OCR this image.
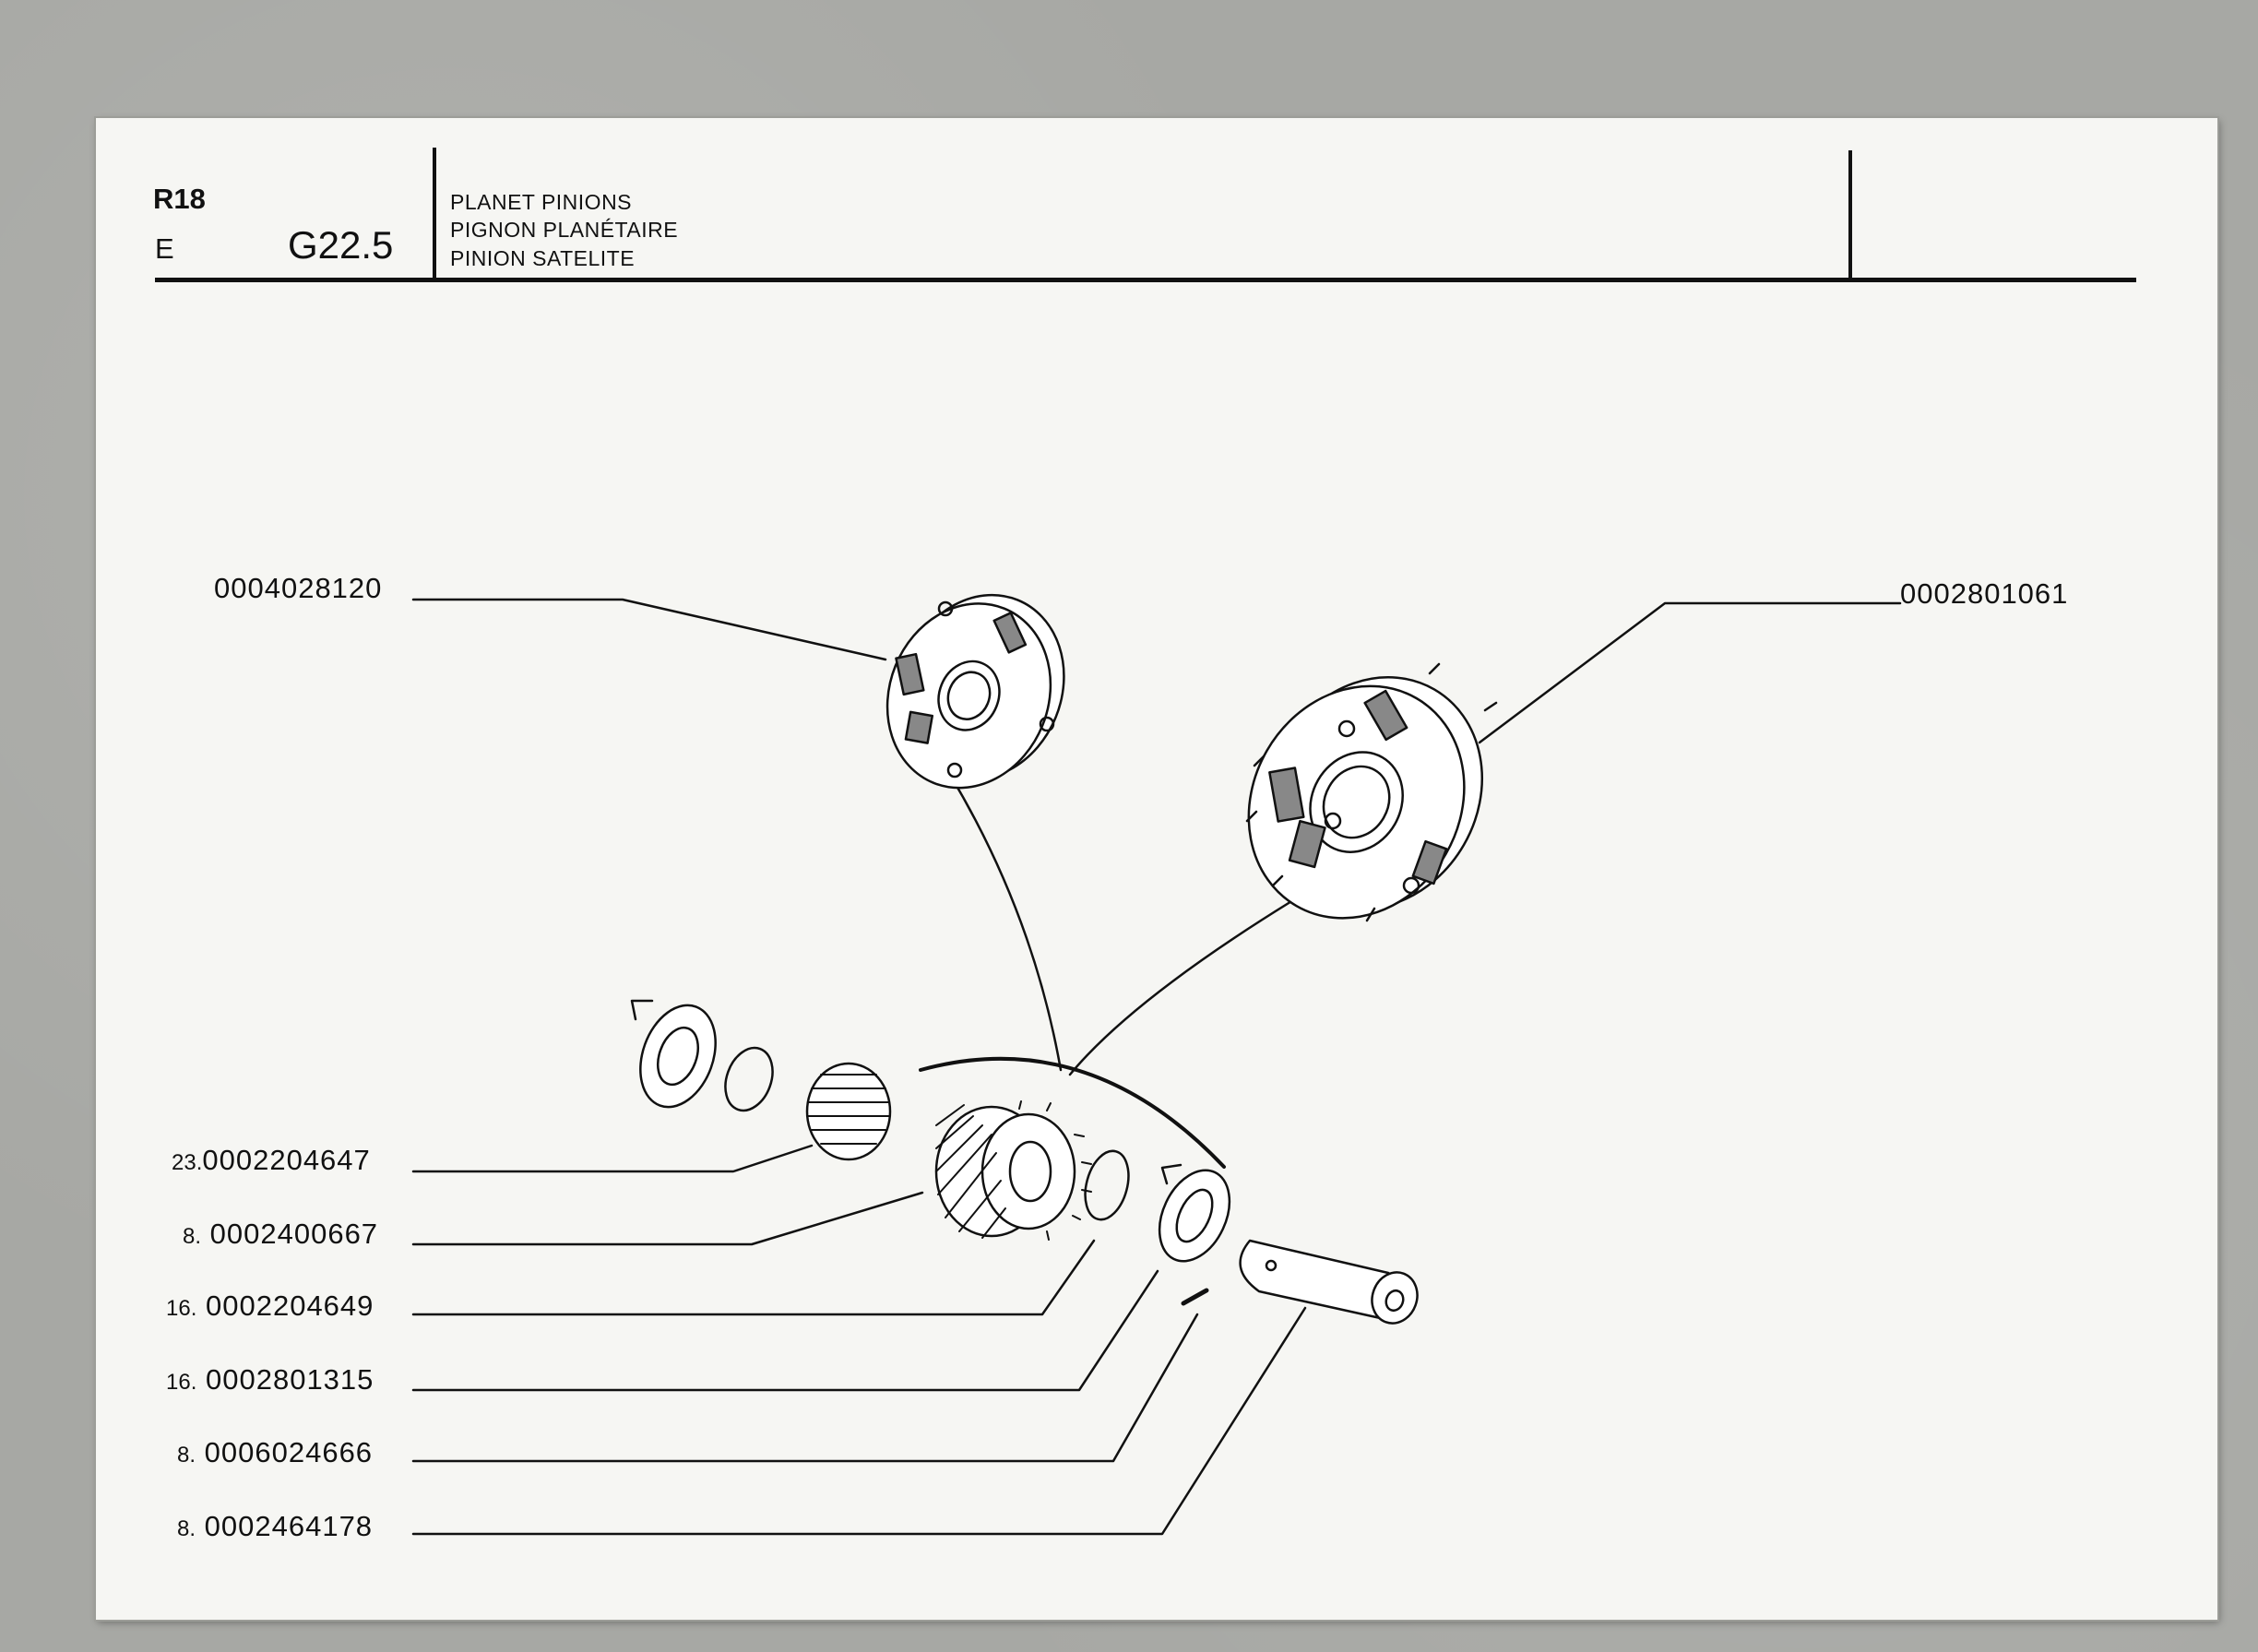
R18
E	G22.5
PLANET PINIONS
PIGNON PLANÉTAIRE
PINION SATELITE
0004028120	0002801061
23.0002204647
8. 0002400667
16. 0002204649
16. 0002801315
8. 0006024666
8. 0002464178
